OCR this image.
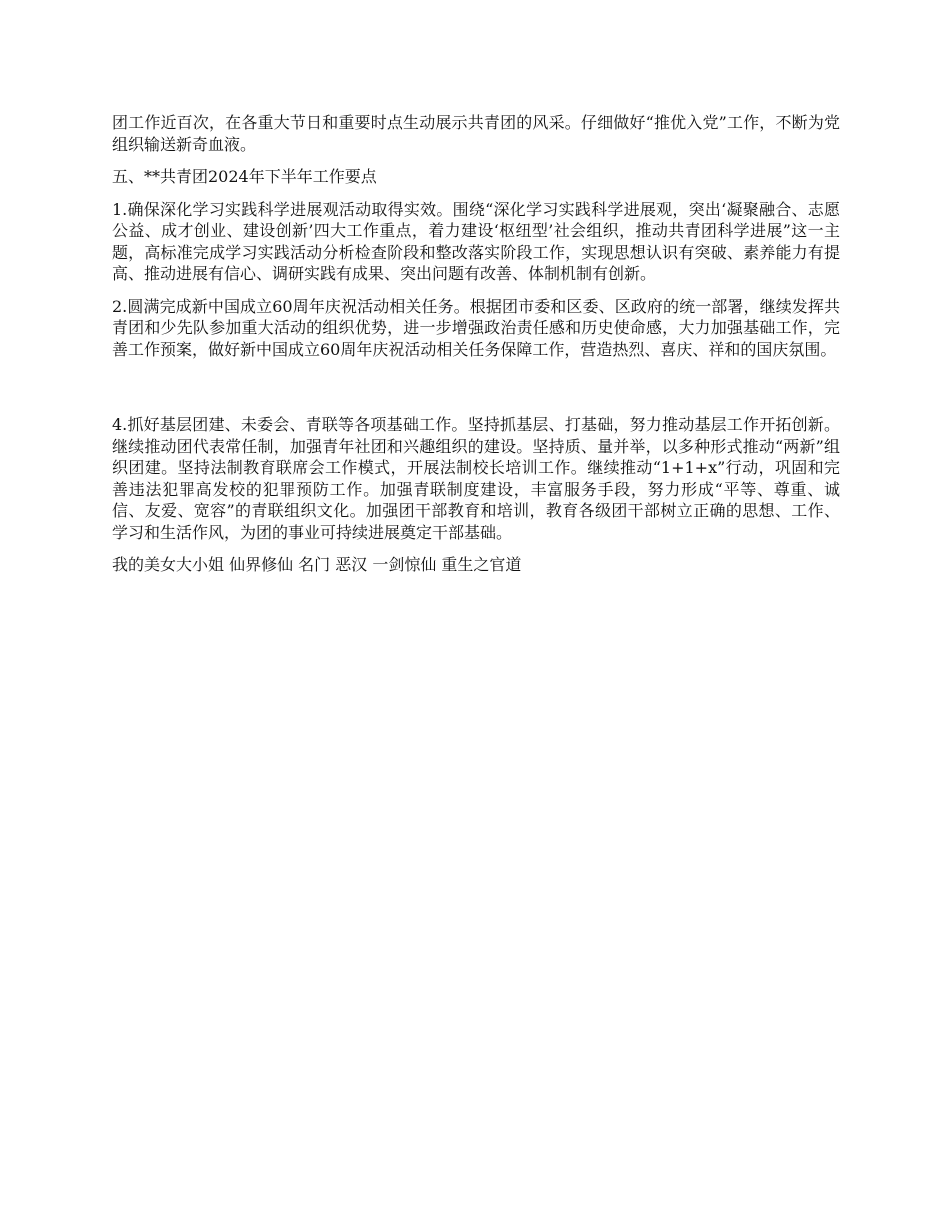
团工作近百次，在各重大节日和重要时点生动展示共青团的风采。仔细做好“推优入党”工作，不断为党组织输送新奇血液。

五、**共青团2024年下半年工作要点

1.确保深化学习实践科学进展观活动取得实效。围绕“深化学习实践科学进展观，突出‘凝聚融合、志愿公益、成才创业、建设创新’四大工作重点，着力建设‘枢纽型’社会组织，推动共青团科学进展”这一主题，高标准完成学习实践活动分析检查阶段和整改落实阶段工作，实现思想认识有突破、素养能力有提高、推动进展有信心、调研实践有成果、突出问题有改善、体制机制有创新。

2.圆满完成新中国成立60周年庆祝活动相关任务。根据团市委和区委、区政府的统一部署，继续发挥共青团和少先队参加重大活动的组织优势，进一步增强政治责任感和历史使命感，大力加强基础工作，完善工作预案，做好新中国成立60周年庆祝活动相关任务保障工作，营造热烈、喜庆、祥和的国庆氛围。

4.抓好基层团建、未委会、青联等各项基础工作。坚持抓基层、打基础，努力推动基层工作开拓创新。继续推动团代表常任制，加强青年社团和兴趣组织的建设。坚持质、量并举，以多种形式推动“两新”组织团建。坚持法制教育联席会工作模式，开展法制校长培训工作。继续推动“1+1+x”行动，巩固和完善违法犯罪高发校的犯罪预防工作。加强青联制度建设，丰富服务手段，努力形成“平等、尊重、诚信、友爱、宽容”的青联组织文化。加强团干部教育和培训，教育各级团干部树立正确的思想、工作、学习和生活作风，为团的事业可持续进展奠定干部基础。

我的美女大小姐 仙界修仙 名门 恶汉 一剑惊仙 重生之官道
